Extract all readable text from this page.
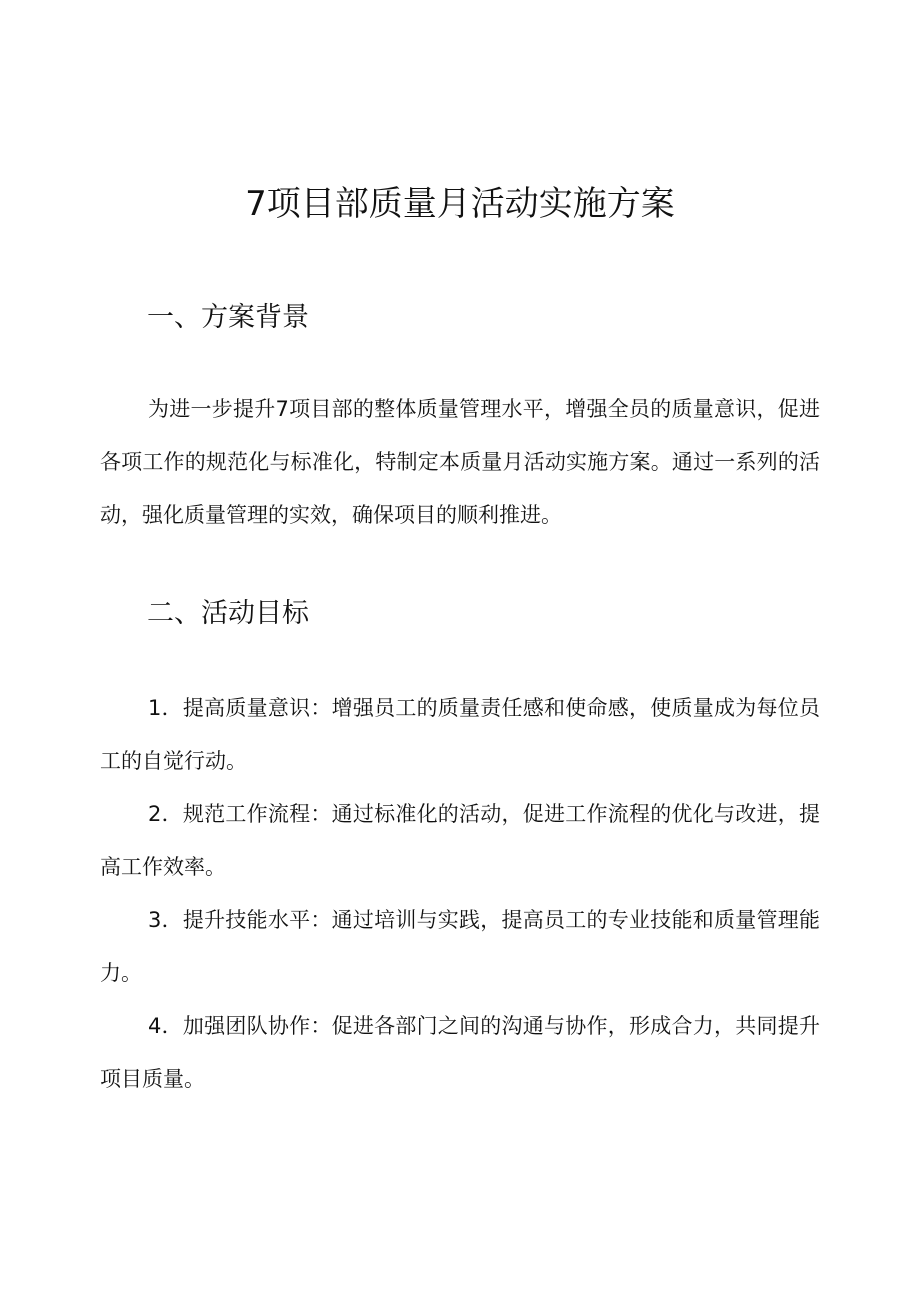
7项目部质量月活动实施方案
一、方案背景

为进一步提升7项目部的整体质量管理水平，增强全员的质量意识，促进各项工作的规范化与标准化，特制定本质量月活动实施方案。通过一系列的活动，强化质量管理的实效，确保项目的顺利推进。

二、活动目标
1．提高质量意识：增强员工的质量责任感和使命感，使质量成为每位员工的自觉行动。
2．规范工作流程：通过标准化的活动，促进工作流程的优化与改进，提高工作效率。
3．提升技能水平：通过培训与实践，提高员工的专业技能和质量管理能力。
4．加强团队协作：促进各部门之间的沟通与协作，形成合力，共同提升项目质量。
